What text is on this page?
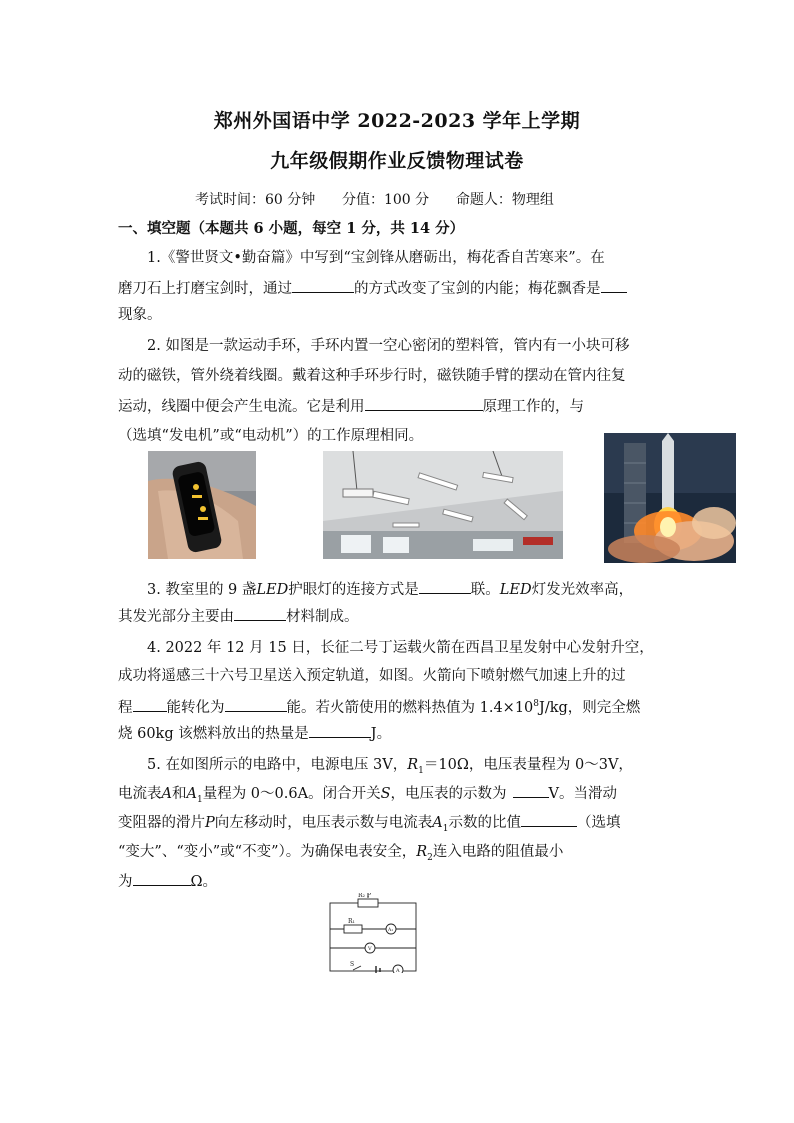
郑州外国语中学 2022-2023 学年上学期
九年级假期作业反馈物理试卷
考试时间：60 分钟 分值：100 分 命题人：物理组
一、填空题（本题共 6 小题，每空 1 分，共 14 分）
1.《警世贤文•勤奋篇》中写到“宝剑锋从磨砺出，梅花香自苦寒来”。在
磨刀石上打磨宝剑时，通过	的方式改变了宝剑的内能；梅花飘香是
现象。
2. 如图是一款运动手环，手环内置一空心密闭的塑料管，管内有一小块可移
动的磁铁，管外绕着线圈。戴着这种手环步行时，磁铁随手臂的摆动在管内往复
运动，线圈中便会产生电流。它是利用	原理工作的，与
（选填“发电机”或“电动机”）的工作原理相同。
3. 教室里的 9 盏LED护眼灯的连接方式是	联。LED灯发光效率高，
其发光部分主要由	材料制成。
4. 2022 年 12 月 15 日，长征二号丁运载火箭在西昌卫星发射中心发射升空，
成功将遥感三十六号卫星送入预定轨道，如图。火箭向下喷射燃气加速上升的过
程 能转化为	能。若火箭使用的燃料热值为 $1.4\times 10^8J/kg$，则完全燃
烧 60kg 该燃料放出的热量是	J。
5. 在如图所示的电路中，电源电压 3V，$R_1=10\Omega$，电压表量程为 0～3V，
电流表A和$A_1$量程为 0～0.6A。闭合开关S，电压表的示数为	V。当滑动
变阻器的滑片P向左移动时，电压表示数与电流表$A_1$示数的比值	（选填
“变大”、“变小”或“不变”）。为确保电表安全，$R_2$连入电路的阻值最小
为	Ω。
R₂ P
R₁
A₁
V
S
A
